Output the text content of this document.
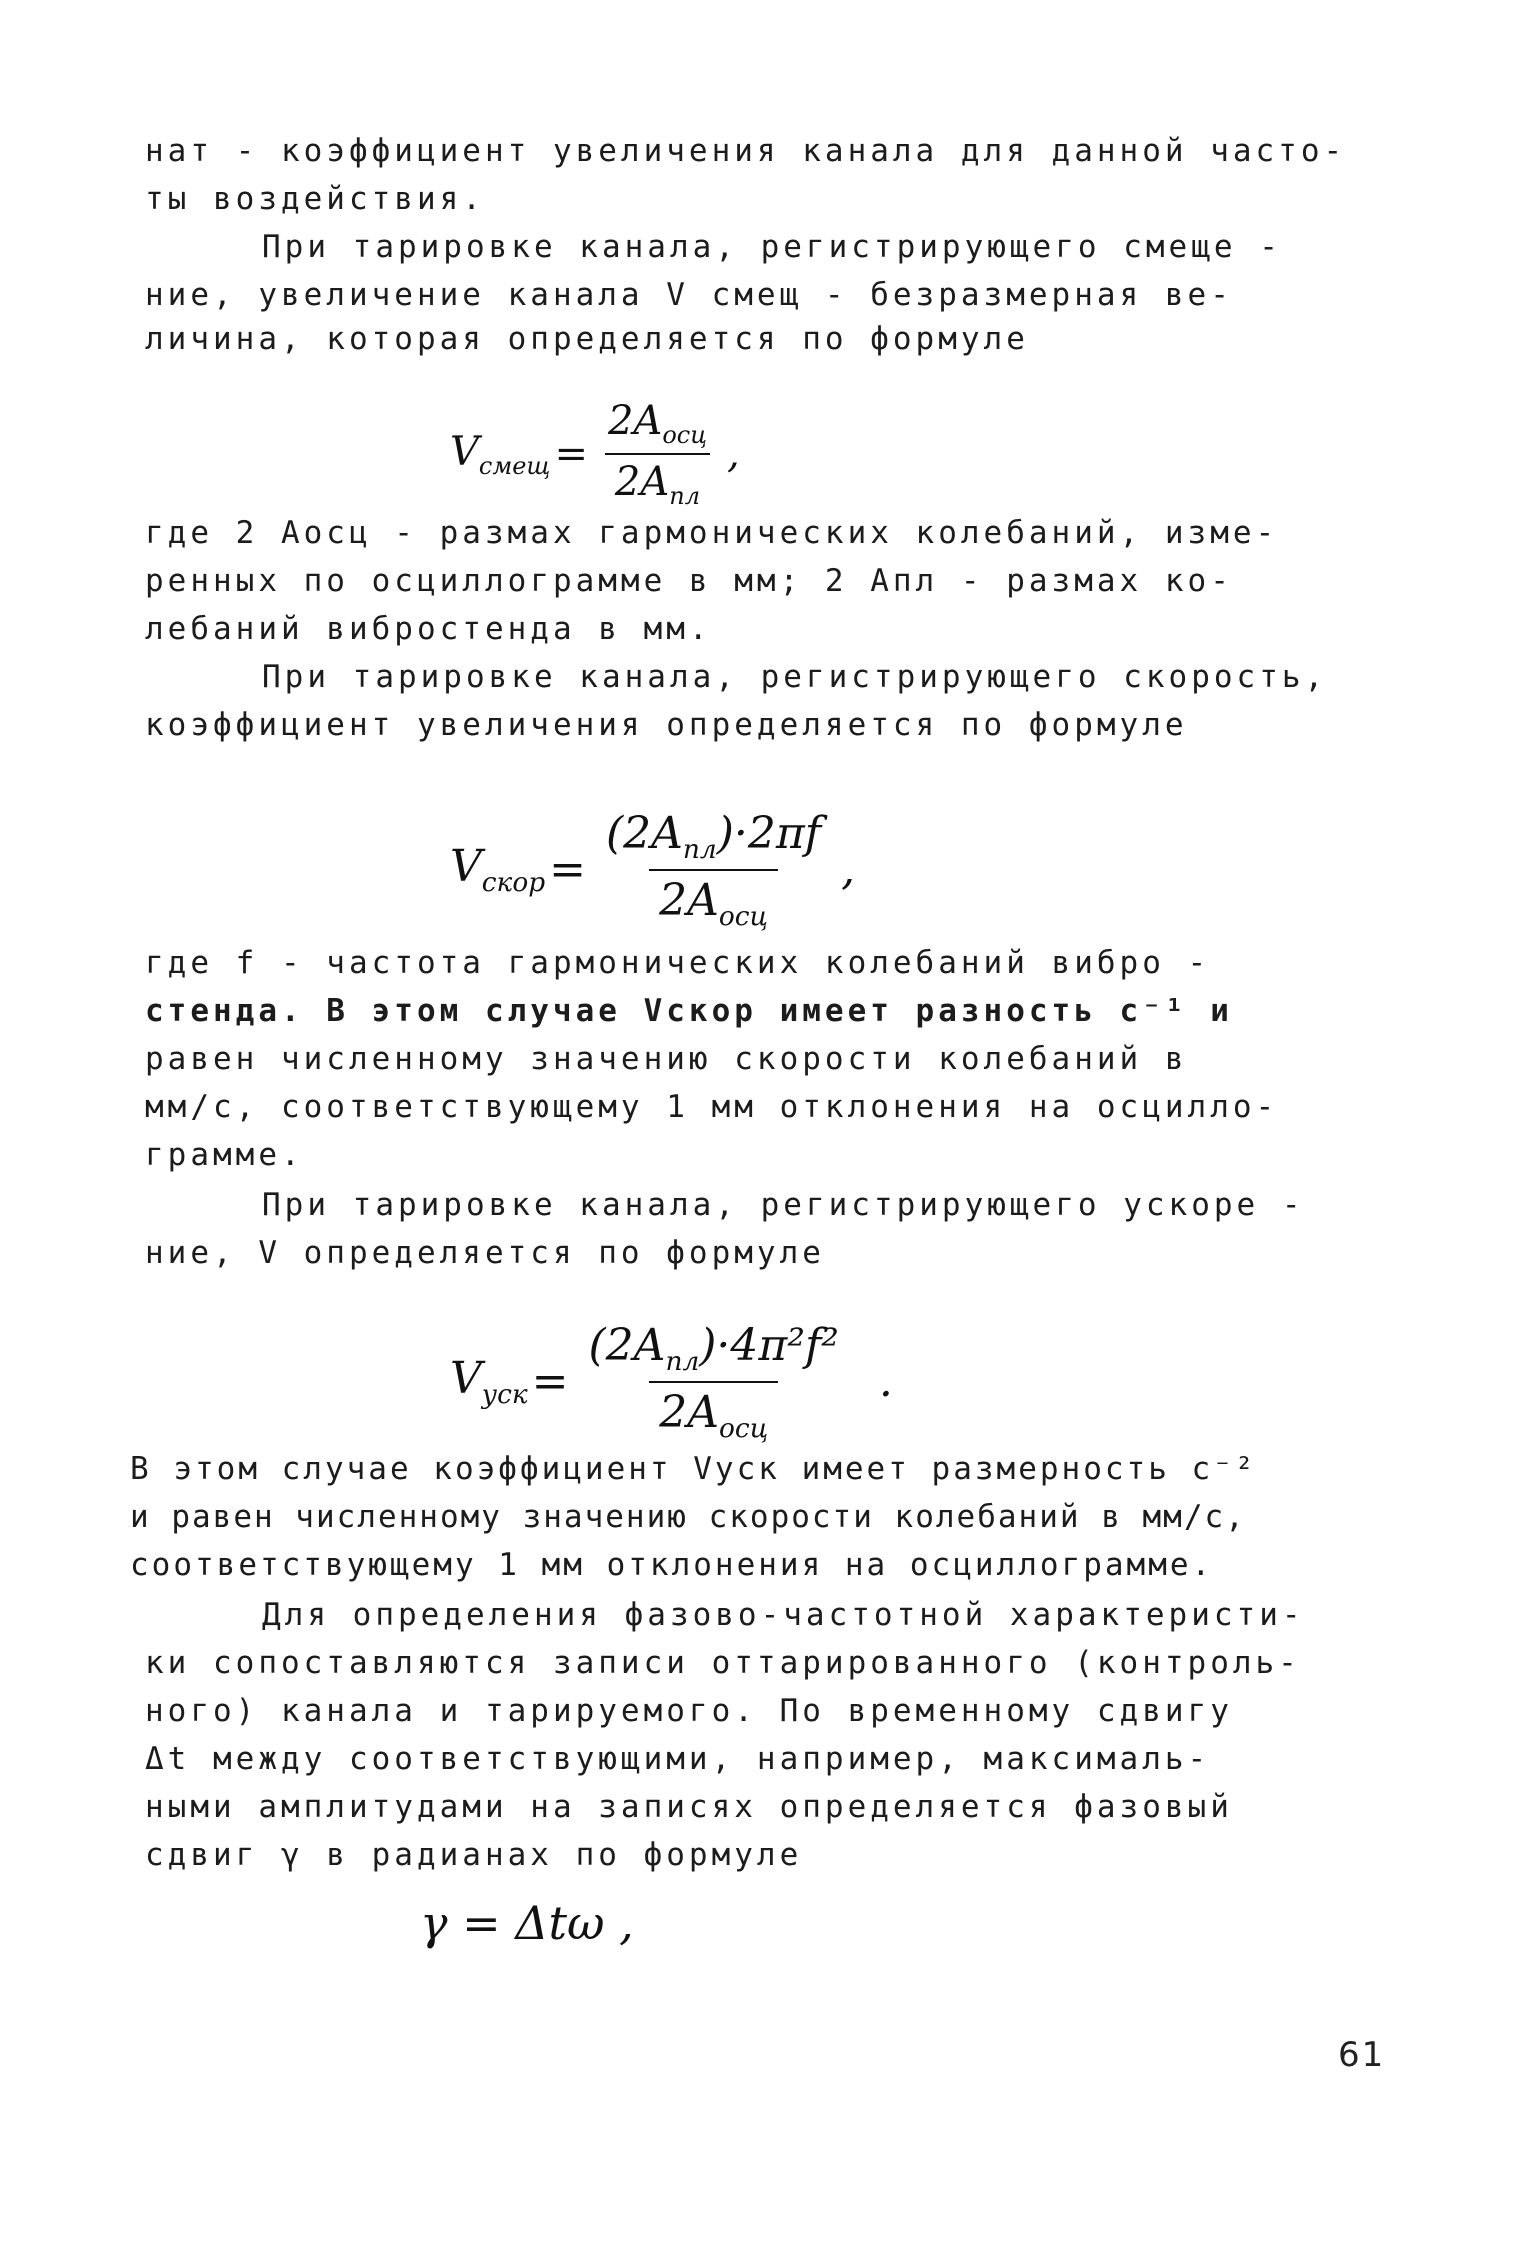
нат - коэффициент увеличения канала для данной часто-
ты воздействия.
При тарировке канала, регистрирующего смеще -
ние, увеличение канала V смещ - безразмерная ве-
личина, которая определяется по формуле
$V_{смещ} = \frac{2A_{осц}}{2A_{пл}}$ ,
где 2 Aосц - размах гармонических колебаний, изме-
ренных по осциллограмме в мм; 2 Aпл - размах ко-
лебаний вибростенда в мм.
При тарировке канала, регистрирующего скорость,
коэффициент увеличения определяется по формуле
$V_{скор} = \frac{(2A_{пл})\cdot 2\pi f}{2A_{осц}}$ ,
где f - частота гармонических колебаний вибро -
стенда. В этом случае Vскор имеет разность с⁻¹ и
равен численному значению скорости колебаний в
мм/с, соответствующему 1 мм отклонения на осцилло-
грамме.
При тарировке канала, регистрирующего ускоре -
ние, V определяется по формуле
$V_{уск} = \frac{(2A_{пл})\cdot 4\pi^2f^2}{2A_{осц}}$ .
В этом случае коэффициент Vуск имеет размерность с⁻²
и равен численному значению скорости колебаний в мм/с,
соответствующему 1 мм отклонения на осциллограмме.
Для определения фазово-частотной характеристи-
ки сопоставляются записи оттарированного (контроль-
ного) канала и тарируемого. По временному сдвигу
Δt между соответствующими, например, максималь-
ными амплитудами на записях определяется фазовый
сдвиг γ в радианах по формуле
γ = Δtω ,
61
